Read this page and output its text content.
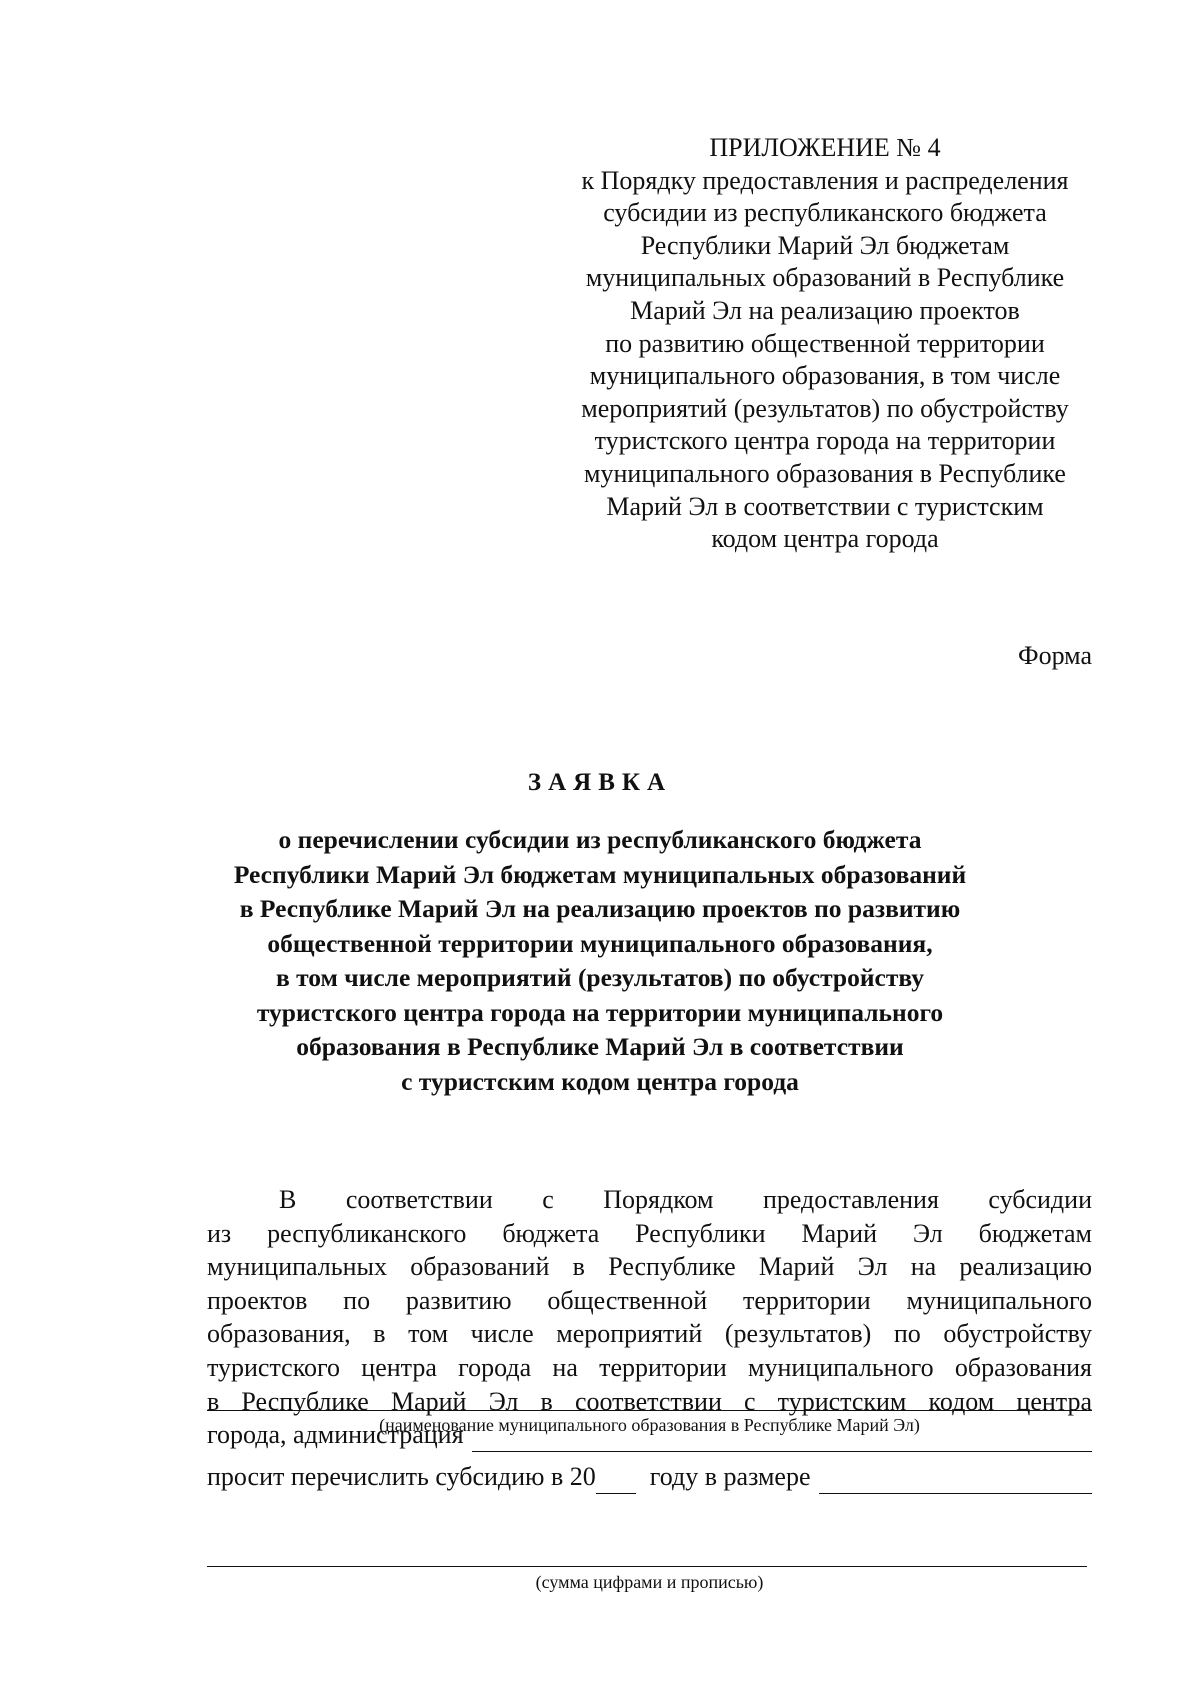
ПРИЛОЖЕНИЕ № 4
к Порядку предоставления и распределения
субсидии из республиканского бюджета
Республики Марий Эл бюджетам
муниципальных образований в Республике
Марий Эл на реализацию проектов
по развитию общественной территории
муниципального образования, в том числе
мероприятий (результатов) по обустройству
туристского центра города на территории
муниципального образования в Республике
Марий Эл в соответствии с туристским
кодом центра города
Форма
ЗАЯВКА
о перечислении субсидии из республиканского бюджета
Республики Марий Эл бюджетам муниципальных образований
в Республике Марий Эл на реализацию проектов по развитию
общественной территории муниципального образования,
в том числе мероприятий (результатов) по обустройству
туристского центра города на территории муниципального
образования в Республике Марий Эл в соответствии
с туристским кодом центра города
В соответствии с Порядком предоставления субсидии
из республиканского бюджета Республики Марий Эл бюджетам
муниципальных образований в Республике Марий Эл на реализацию
проектов по развитию общественной территории муниципального
образования, в том числе мероприятий (результатов) по обустройству
туристского центра города на территории муниципального образования
в Республике Марий Эл в соответствии с туристским кодом центра
города, администрация
(наименование муниципального образования в Республике Марий Эл)
просит перечислить субсидию в 20 году в размере
(сумма цифрами и прописью)
